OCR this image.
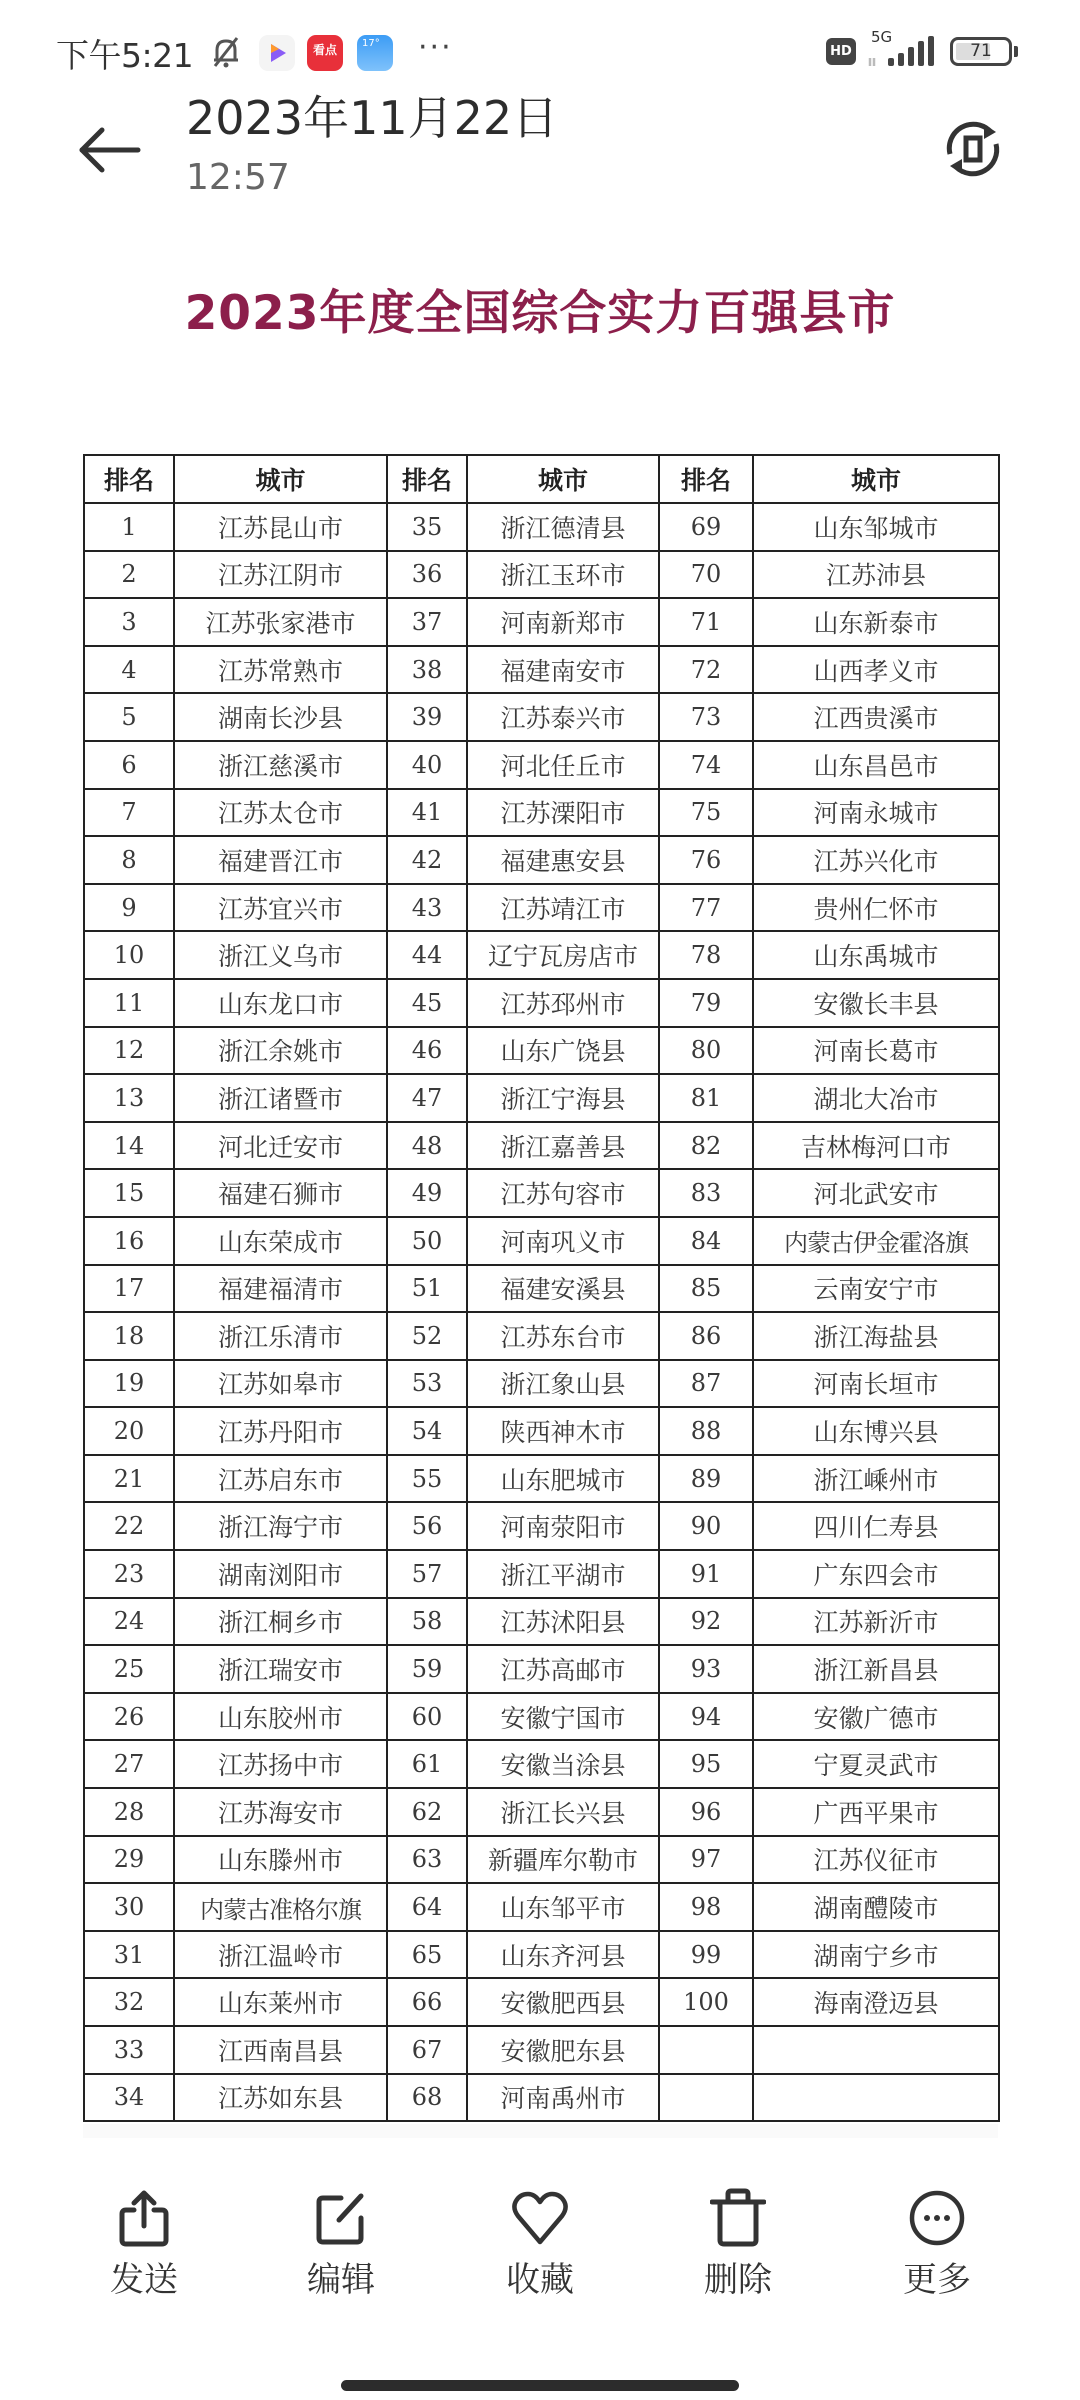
下午5:21	看点	17°	···	HD
5G
71
2023年11月22日
12:57
2023年度全国综合实力百强县市
排名	城市	排名	城市	排名	城市
1	江苏昆山市	35	浙江德清县	69	山东邹城市
2	江苏江阴市	36	浙江玉环市	70	江苏沛县
3	江苏张家港市	37	河南新郑市	71	山东新泰市
4	江苏常熟市	38	福建南安市	72	山西孝义市
5	湖南长沙县	39	江苏泰兴市	73	江西贵溪市
6	浙江慈溪市	40	河北任丘市	74	山东昌邑市
7	江苏太仓市	41	江苏溧阳市	75	河南永城市
8	福建晋江市	42	福建惠安县	76	江苏兴化市
9	江苏宜兴市	43	江苏靖江市	77	贵州仁怀市
10	浙江义乌市	44	辽宁瓦房店市	78	山东禹城市
11	山东龙口市	45	江苏邳州市	79	安徽长丰县
12	浙江余姚市	46	山东广饶县	80	河南长葛市
13	浙江诸暨市	47	浙江宁海县	81	湖北大冶市
14	河北迁安市	48	浙江嘉善县	82	吉林梅河口市
15	福建石狮市	49	江苏句容市	83	河北武安市
16	山东荣成市	50	河南巩义市	84	内蒙古伊金霍洛旗
17	福建福清市	51	福建安溪县	85	云南安宁市
18	浙江乐清市	52	江苏东台市	86	浙江海盐县
19	江苏如皋市	53	浙江象山县	87	河南长垣市
20	江苏丹阳市	54	陕西神木市	88	山东博兴县
21	江苏启东市	55	山东肥城市	89	浙江嵊州市
22	浙江海宁市	56	河南荥阳市	90	四川仁寿县
23	湖南浏阳市	57	浙江平湖市	91	广东四会市
24	浙江桐乡市	58	江苏沭阳县	92	江苏新沂市
25	浙江瑞安市	59	江苏高邮市	93	浙江新昌县
26	山东胶州市	60	安徽宁国市	94	安徽广德市
27	江苏扬中市	61	安徽当涂县	95	宁夏灵武市
28	江苏海安市	62	浙江长兴县	96	广西平果市
29	山东滕州市	63	新疆库尔勒市	97	江苏仪征市
30	内蒙古准格尔旗	64	山东邹平市	98	湖南醴陵市
31	浙江温岭市	65	山东齐河县	99	湖南宁乡市
32	山东莱州市	66	安徽肥西县	100	海南澄迈县
33	江西南昌县	67	安徽肥东县		
34	江苏如东县	68	河南禹州市		
发送	编辑	收藏	删除	更多
